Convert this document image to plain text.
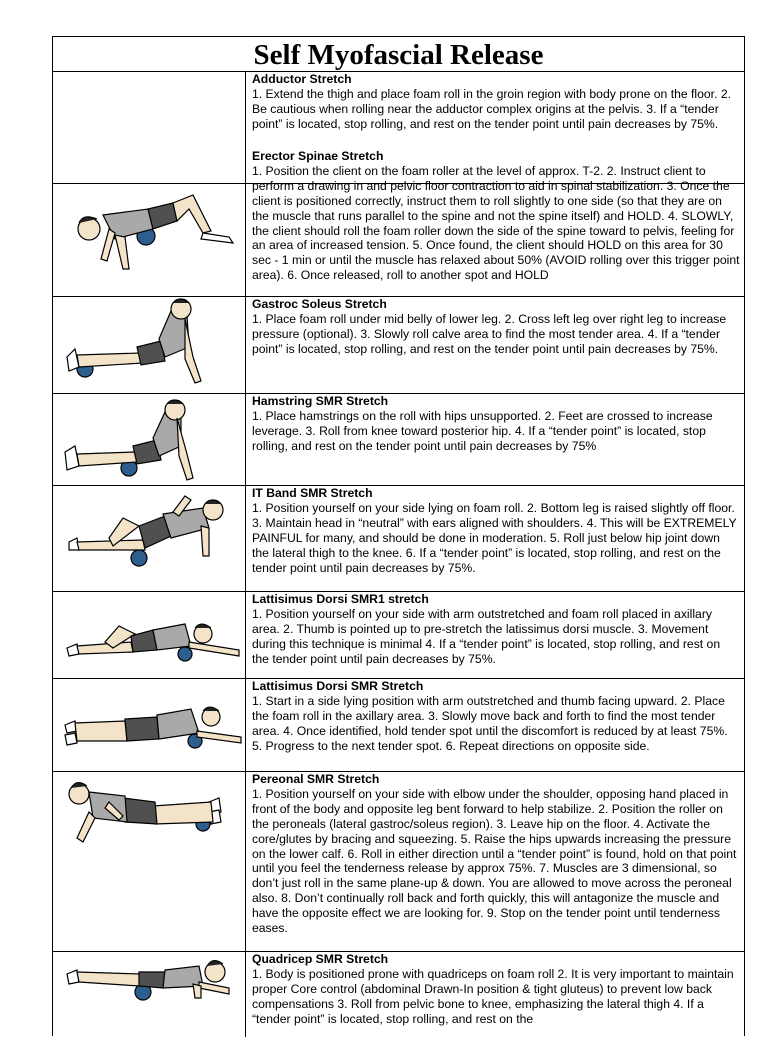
Self Myofascial Release

Adductor Stretch

1. Extend the thigh and place foam roll in the groin region with body prone on the floor. 2. Be cautious when rolling near the adductor complex origins at the pelvis. 3. If a “tender point” is located, stop rolling, and rest on the tender point until pain decreases by 75%.

Erector Spinae Stretch

1. Position the client on the foam roller at the level of approx. T-2. 2. Instruct client to perform a drawing in and pelvic floor contraction to aid in spinal stabilization. 3. Once the client is positioned correctly, instruct them to roll slightly to one side (so that they are on the muscle that runs parallel to the spine and not the spine itself) and HOLD. 4. SLOWLY, the client should roll the foam roller down the side of the spine toward to pelvis, feeling for an area of increased tension. 5. Once found, the client should HOLD on this area for 30 sec - 1 min or until the muscle has relaxed about 50% (AVOID rolling over this trigger point area). 6. Once released, roll to another spot and HOLD

Gastroc Soleus Stretch

1. Place foam roll under mid belly of lower leg. 2. Cross left leg over right leg to increase pressure (optional). 3. Slowly roll calve area to find the most tender area. 4. If a “tender point” is located, stop rolling, and rest on the tender point until pain decreases by 75%.

Hamstring SMR Stretch

1. Place hamstrings on the roll with hips unsupported. 2. Feet are crossed to increase leverage. 3. Roll from knee toward posterior hip. 4. If a “tender point” is located, stop rolling, and rest on the tender point until pain decreases by 75%

IT Band SMR Stretch

1. Position yourself on your side lying on foam roll. 2. Bottom leg is raised slightly off floor. 3. Maintain head in “neutral” with ears aligned with shoulders. 4. This will be EXTREMELY PAINFUL for many, and should be done in moderation. 5. Roll just below hip joint down the lateral thigh to the knee. 6. If a “tender point” is located, stop rolling, and rest on the tender point until pain decreases by 75%.

Lattisimus Dorsi SMR1 stretch

1. Position yourself on your side with arm outstretched and foam roll placed in axillary area. 2. Thumb is pointed up to pre-stretch the latissimus dorsi muscle. 3. Movement during this technique is minimal 4. If a “tender point” is located, stop rolling, and rest on the tender point until pain decreases by 75%.

Lattisimus Dorsi SMR Stretch

1. Start in a side lying position with arm outstretched and thumb facing upward. 2. Place the foam roll in the axillary area. 3. Slowly move back and forth to find the most tender area. 4. Once identified, hold tender spot until the discomfort is reduced by at least 75%. 5. Progress to the next tender spot. 6. Repeat directions on opposite side.

Pereonal SMR Stretch

1. Position yourself on your side with elbow under the shoulder, opposing hand placed in front of the body and opposite leg bent forward to help stabilize. 2. Position the roller on the peroneals (lateral gastroc/soleus region). 3. Leave hip on the floor. 4. Activate the core/glutes by bracing and squeezing. 5. Raise the hips upwards increasing the pressure on the lower calf. 6. Roll in either direction until a “tender point” is found, hold on that point until you feel the tenderness release by approx 75%. 7. Muscles are 3 dimensional, so don’t just roll in the same plane-up & down. You are allowed to move across the peroneal also. 8. Don’t continually roll back and forth quickly, this will antagonize the muscle and have the opposite effect we are looking for. 9. Stop on the tender point until tenderness eases.

Quadricep SMR Stretch

1. Body is positioned prone with quadriceps on foam roll 2. It is very important to maintain proper Core control (abdominal Drawn-In position & tight gluteus) to prevent low back compensations 3. Roll from pelvic bone to knee, emphasizing the lateral thigh 4. If a “tender point” is located, stop rolling, and rest on the
